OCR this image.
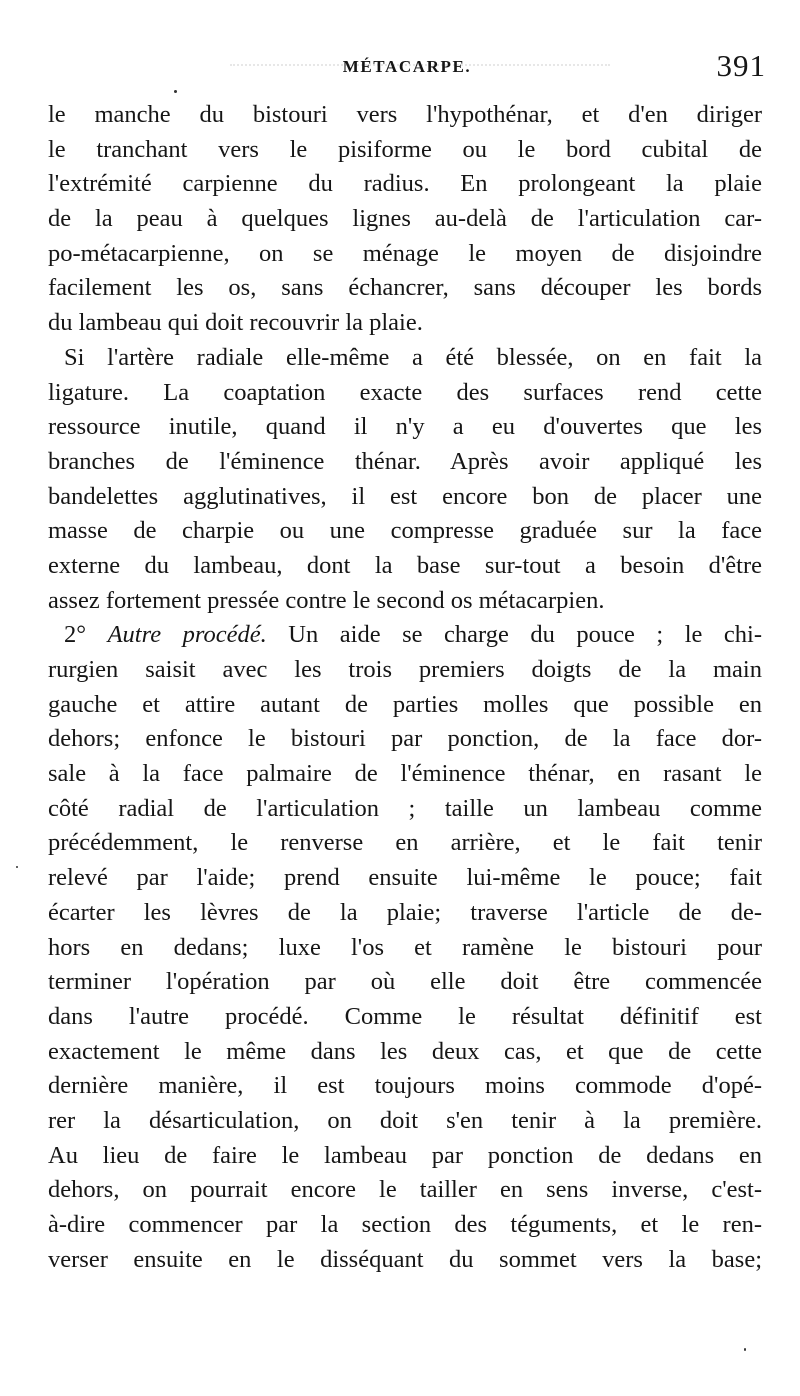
MÉTACARPE.	391
le manche du bistouri vers l'hypothénar, et d'en diriger
le tranchant vers le pisiforme ou le bord cubital de
l'extrémité carpienne du radius. En prolongeant la plaie
de la peau à quelques lignes au-delà de l'articulation car-
po-métacarpienne, on se ménage le moyen de disjoindre
facilement les os, sans échancrer, sans découper les bords
du lambeau qui doit recouvrir la plaie.
Si l'artère radiale elle-même a été blessée, on en fait la
ligature. La coaptation exacte des surfaces rend cette
ressource inutile, quand il n'y a eu d'ouvertes que les
branches de l'éminence thénar. Après avoir appliqué les
bandelettes agglutinatives, il est encore bon de placer une
masse de charpie ou une compresse graduée sur la face
externe du lambeau, dont la base sur-tout a besoin d'être
assez fortement pressée contre le second os métacarpien.
2° Autre procédé. Un aide se charge du pouce ; le chi-
rurgien saisit avec les trois premiers doigts de la main
gauche et attire autant de parties molles que possible en
dehors; enfonce le bistouri par ponction, de la face dor-
sale à la face palmaire de l'éminence thénar, en rasant le
côté radial de l'articulation ; taille un lambeau comme
précédemment, le renverse en arrière, et le fait tenir
relevé par l'aide; prend ensuite lui-même le pouce; fait
écarter les lèvres de la plaie; traverse l'article de de-
hors en dedans; luxe l'os et ramène le bistouri pour
terminer l'opération par où elle doit être commencée
dans l'autre procédé. Comme le résultat définitif est
exactement le même dans les deux cas, et que de cette
dernière manière, il est toujours moins commode d'opé-
rer la désarticulation, on doit s'en tenir à la première.
Au lieu de faire le lambeau par ponction de dedans en
dehors, on pourrait encore le tailler en sens inverse, c'est-
à-dire commencer par la section des téguments, et le ren-
verser ensuite en le disséquant du sommet vers la base;
